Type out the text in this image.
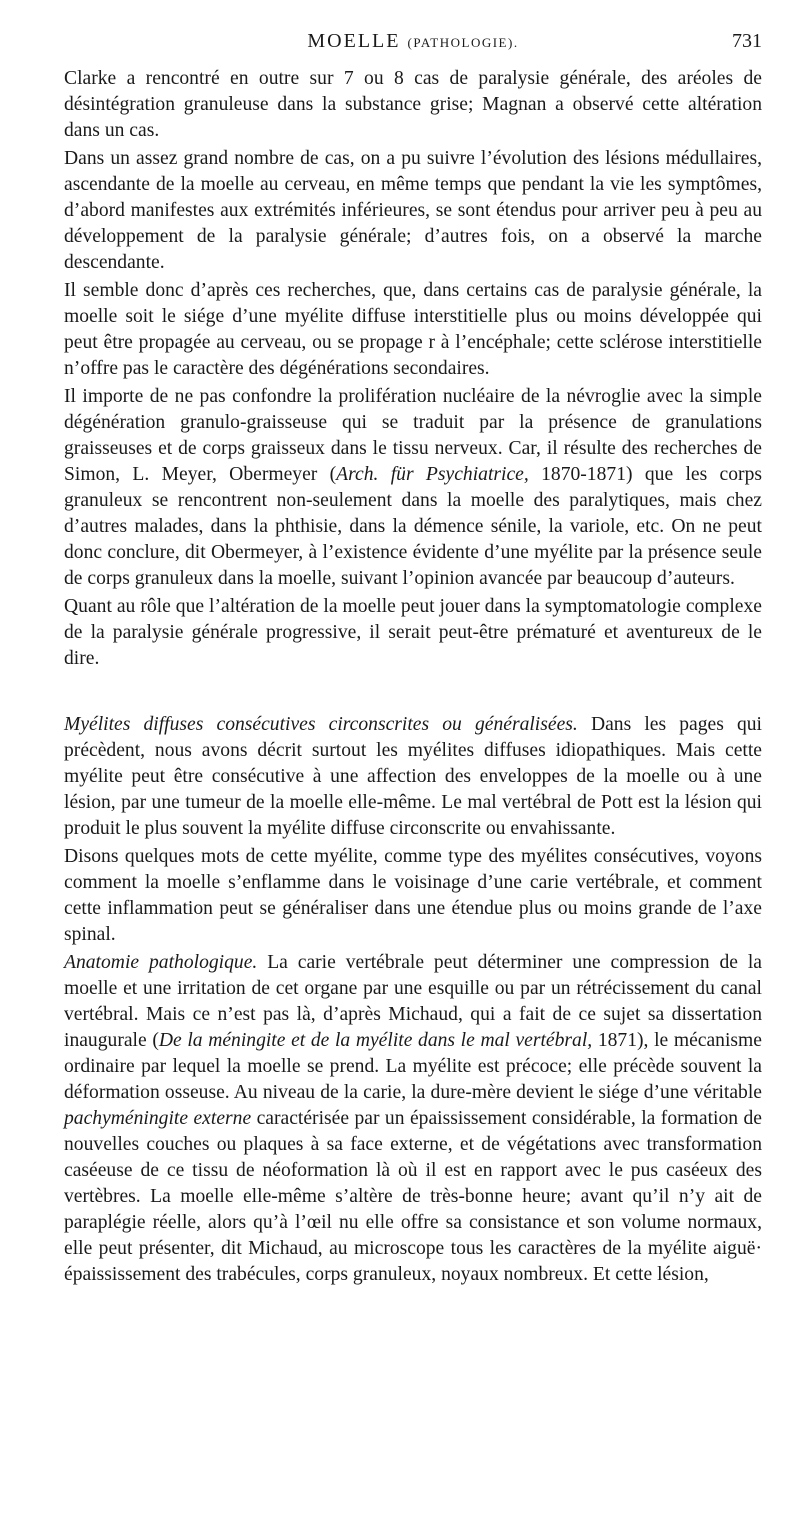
MOELLE (PATHOLOGIE).	731

Clarke a rencontré en outre sur 7 ou 8 cas de paralysie générale, des aréoles de désintégration granuleuse dans la substance grise; Magnan a observé cette altération dans un cas.

Dans un assez grand nombre de cas, on a pu suivre l’évolution des lésions médullaires, ascendante de la moelle au cerveau, en même temps que pendant la vie les symptômes, d’abord manifestes aux extrémités inférieures, se sont étendus pour arriver peu à peu au développement de la paralysie générale; d’autres fois, on a observé la marche descendante.

Il semble donc d’après ces recherches, que, dans certains cas de paralysie générale, la moelle soit le siége d’une myélite diffuse interstitielle plus ou moins développée qui peut être propagée au cerveau, ou se propage r à l’encéphale; cette sclérose interstitielle n’offre pas le caractère des dégénérations secondaires.

Il importe de ne pas confondre la prolifération nucléaire de la névroglie avec la simple dégénération granulo-graisseuse qui se traduit par la présence de granulations graisseuses et de corps graisseux dans le tissu nerveux. Car, il résulte des recherches de Simon, L. Meyer, Obermeyer (Arch. für Psychiatrice, 1870-1871) que les corps granuleux se rencontrent non-seulement dans la moelle des paralytiques, mais chez d’autres malades, dans la phthisie, dans la démence sénile, la variole, etc. On ne peut donc conclure, dit Obermeyer, à l’existence évidente d’une myélite par la présence seule de corps granuleux dans la moelle, suivant l’opinion avancée par beaucoup d’auteurs.

Quant au rôle que l’altération de la moelle peut jouer dans la symptomatologie complexe de la paralysie générale progressive, il serait peut-être prématuré et aventureux de le dire.

Myélites diffuses consécutives circonscrites ou généralisées. Dans les pages qui précèdent, nous avons décrit surtout les myélites diffuses idiopathiques. Mais cette myélite peut être consécutive à une affection des enveloppes de la moelle ou à une lésion, par une tumeur de la moelle elle-même. Le mal vertébral de Pott est la lésion qui produit le plus souvent la myélite diffuse circonscrite ou envahissante.

Disons quelques mots de cette myélite, comme type des myélites consécutives, voyons comment la moelle s’enflamme dans le voisinage d’une carie vertébrale, et comment cette inflammation peut se généraliser dans une étendue plus ou moins grande de l’axe spinal.

Anatomie pathologique. La carie vertébrale peut déterminer une compression de la moelle et une irritation de cet organe par une esquille ou par un rétrécissement du canal vertébral. Mais ce n’est pas là, d’après Michaud, qui a fait de ce sujet sa dissertation inaugurale (De la méningite et de la myélite dans le mal vertébral, 1871), le mécanisme ordinaire par lequel la moelle se prend. La myélite est précoce; elle précède souvent la déformation osseuse. Au niveau de la carie, la dure-mère devient le siége d’une véritable pachyméningite externe caractérisée par un épaississement considérable, la formation de nouvelles couches ou plaques à sa face externe, et de végétations avec transformation caséeuse de ce tissu de néoformation là où il est en rapport avec le pus caséeux des vertèbres. La moelle elle-même s’altère de très-bonne heure; avant qu’il n’y ait de paraplégie réelle, alors qu’à l’œil nu elle offre sa consistance et son volume normaux, elle peut présenter, dit Michaud, au microscope tous les caractères de la myélite aiguë· épaississement des trabécules, corps granuleux, noyaux nombreux. Et cette lésion,
